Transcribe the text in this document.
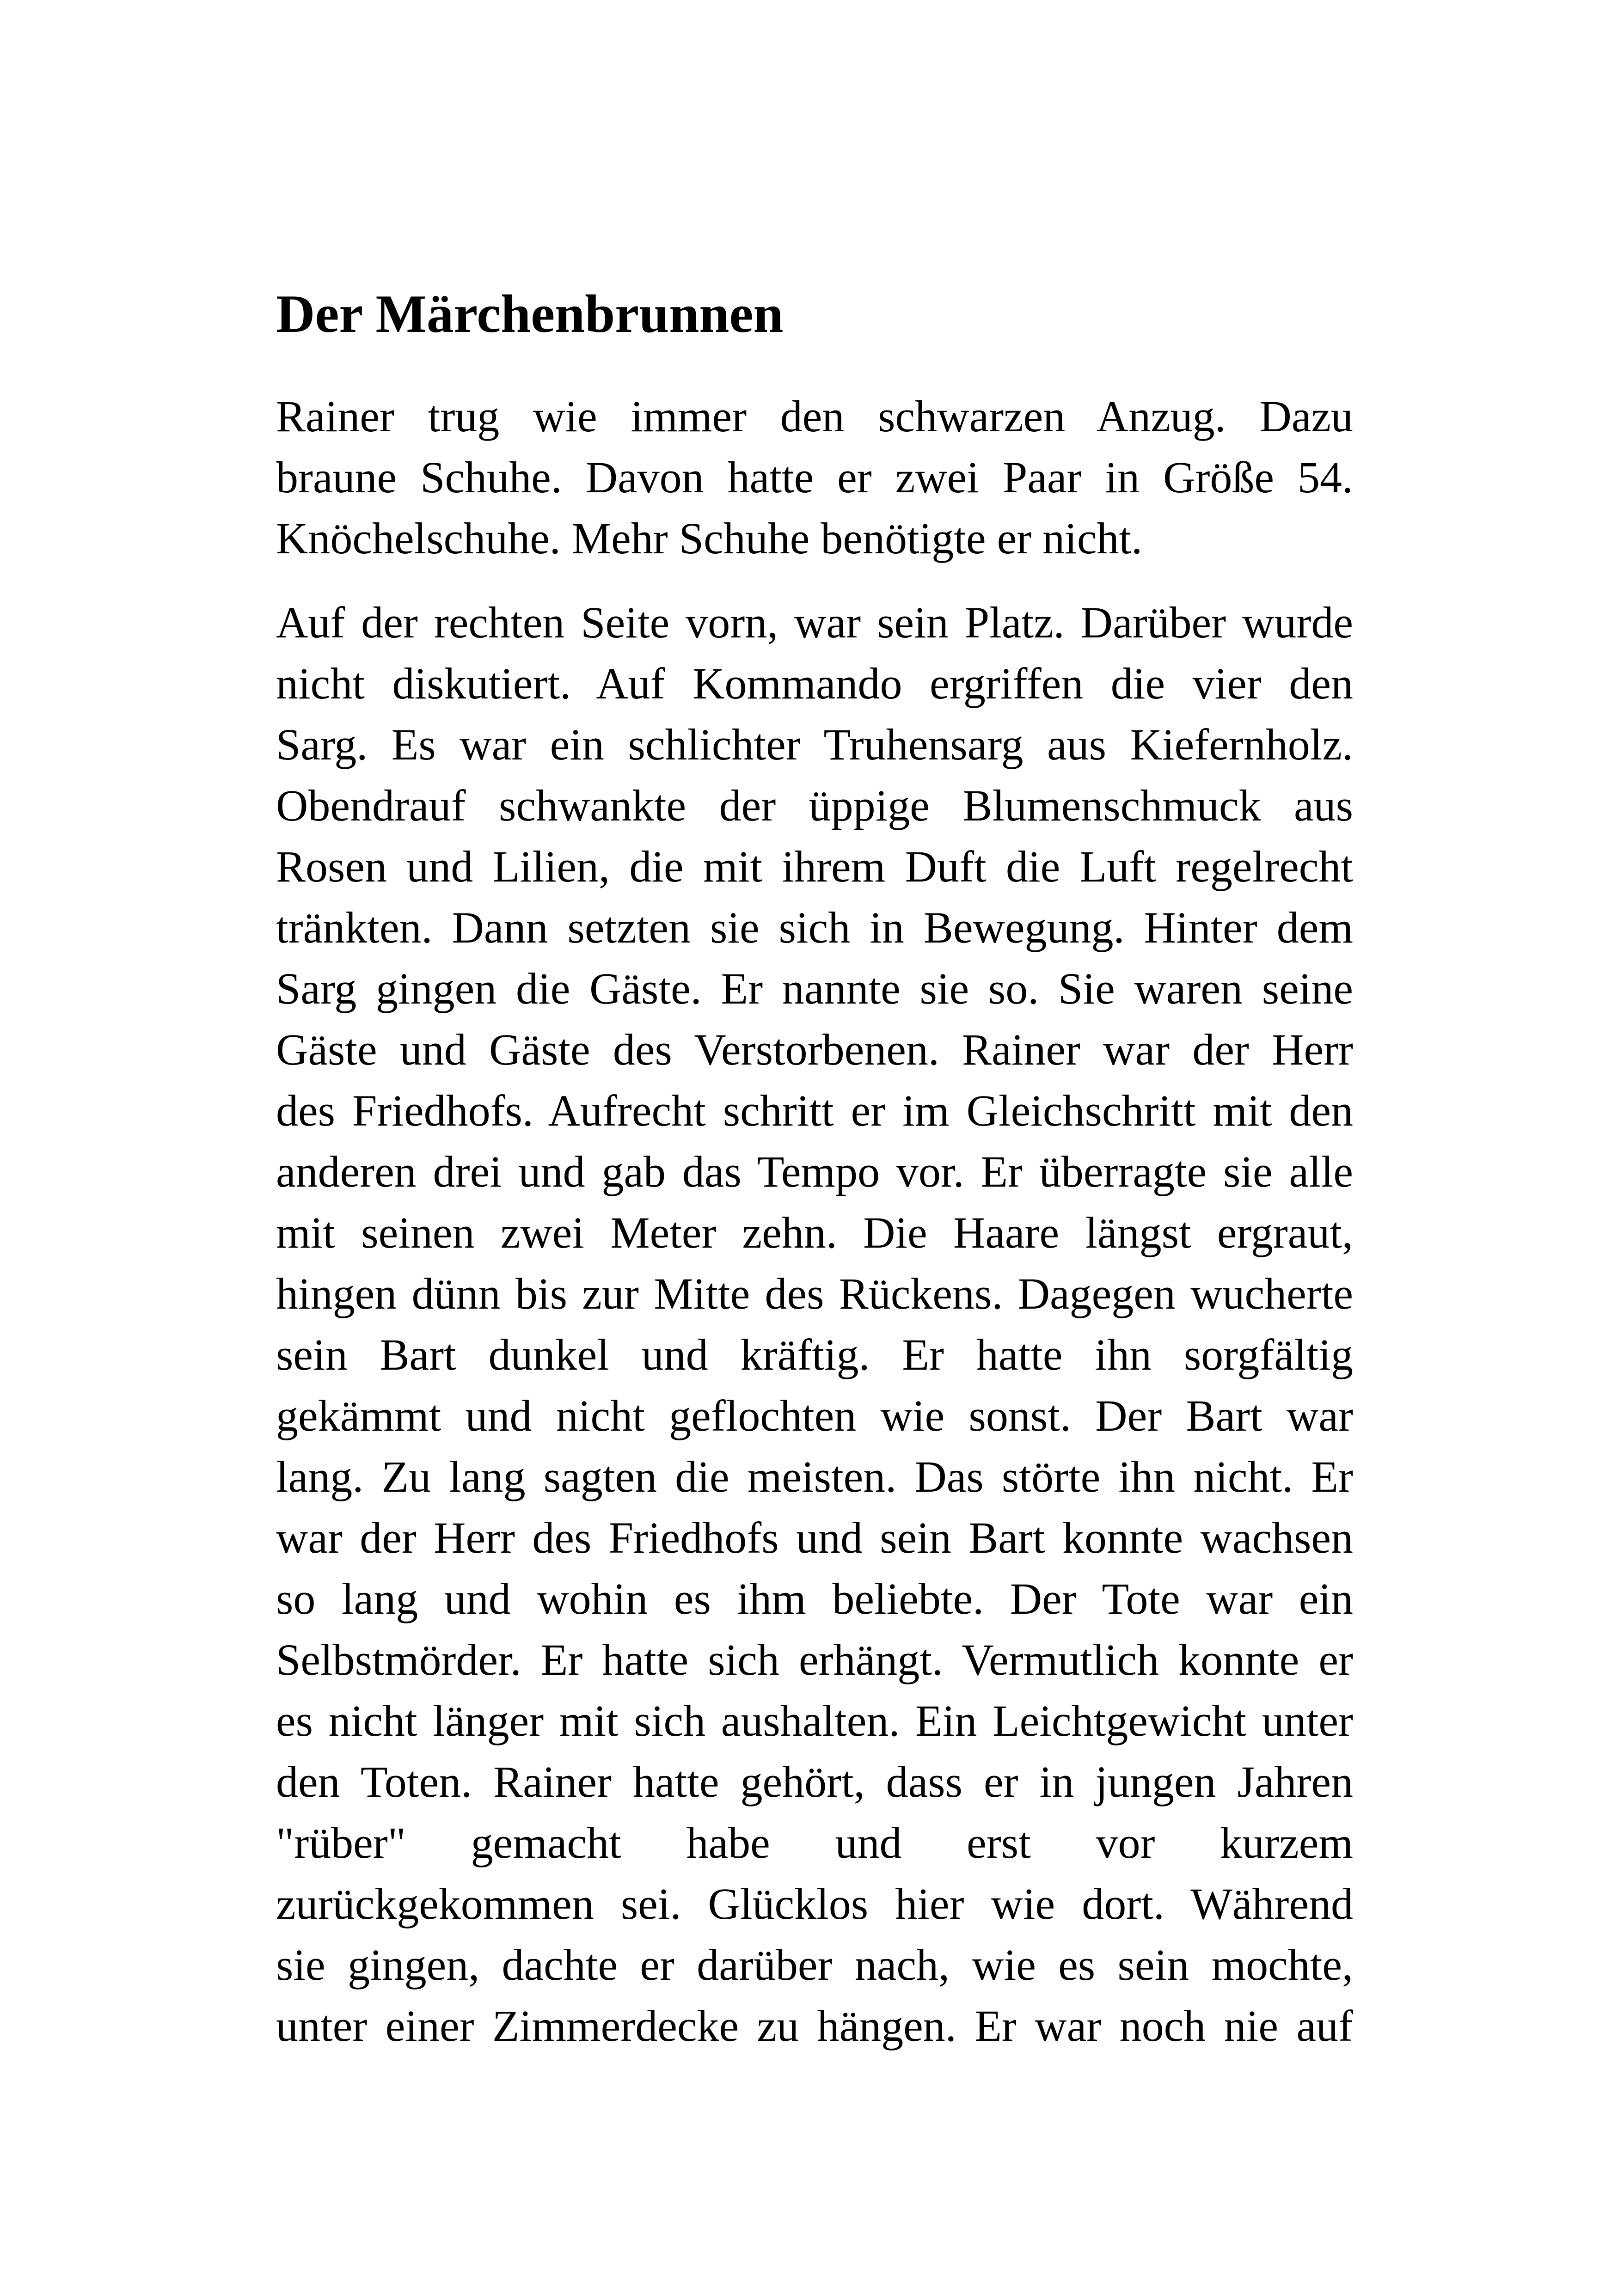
Der Märchenbrunnen
Rainer trug wie immer den schwarzen Anzug. Dazu
braune Schuhe. Davon hatte er zwei Paar in Größe 54.
Knöchelschuhe. Mehr Schuhe benötigte er nicht.
Auf der rechten Seite vorn, war sein Platz. Darüber wurde
nicht diskutiert. Auf Kommando ergriffen die vier den
Sarg. Es war ein schlichter Truhensarg aus Kiefernholz.
Obendrauf schwankte der üppige Blumenschmuck aus
Rosen und Lilien, die mit ihrem Duft die Luft regelrecht
tränkten. Dann setzten sie sich in Bewegung. Hinter dem
Sarg gingen die Gäste. Er nannte sie so. Sie waren seine
Gäste und Gäste des Verstorbenen. Rainer war der Herr
des Friedhofs. Aufrecht schritt er im Gleichschritt mit den
anderen drei und gab das Tempo vor. Er überragte sie alle
mit seinen zwei Meter zehn. Die Haare längst ergraut,
hingen dünn bis zur Mitte des Rückens. Dagegen wucherte
sein Bart dunkel und kräftig. Er hatte ihn sorgfältig
gekämmt und nicht geflochten wie sonst. Der Bart war
lang. Zu lang sagten die meisten. Das störte ihn nicht. Er
war der Herr des Friedhofs und sein Bart konnte wachsen
so lang und wohin es ihm beliebte. Der Tote war ein
Selbstmörder. Er hatte sich erhängt. Vermutlich konnte er
es nicht länger mit sich aushalten. Ein Leichtgewicht unter
den Toten. Rainer hatte gehört, dass er in jungen Jahren
"rüber" gemacht habe und erst vor kurzem
zurückgekommen sei. Glücklos hier wie dort. Während
sie gingen, dachte er darüber nach, wie es sein mochte,
unter einer Zimmerdecke zu hängen. Er war noch nie auf
